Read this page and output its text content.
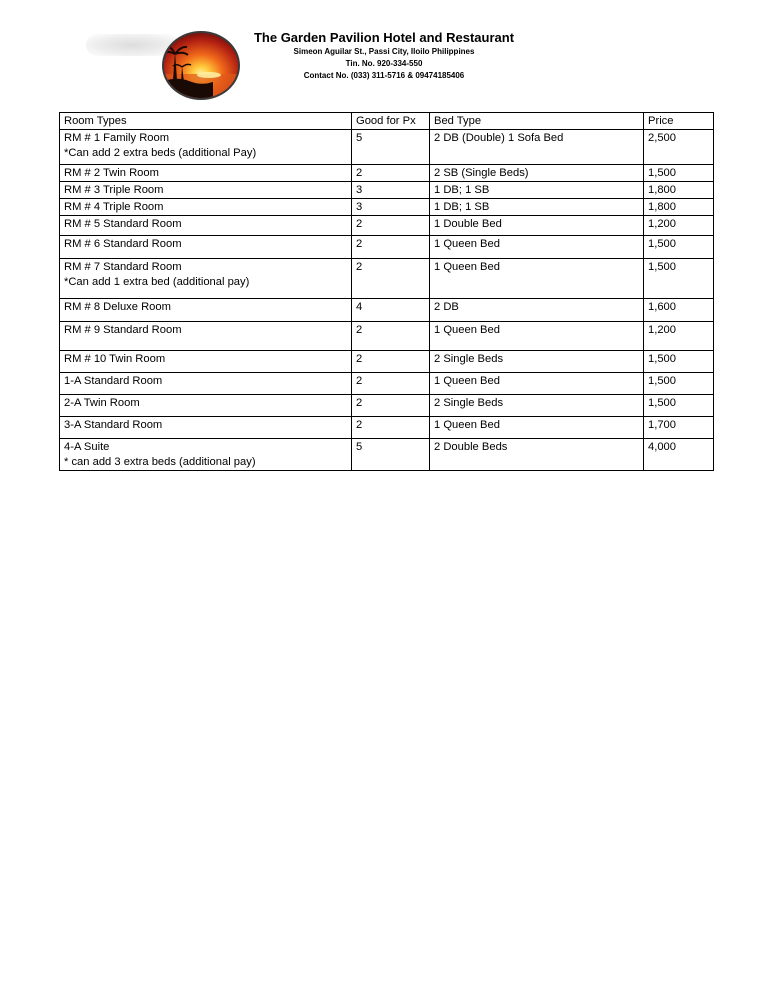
The Garden Pavilion Hotel and Restaurant
Simeon Aguilar St., Passi City, Iloilo Philippines
Tin. No. 920-334-550
Contact No. (033) 311-5716 & 09474185406
Room Types	Good for Px	Bed Type	Price
RM # 1 Family Room
*Can add 2 extra beds (additional Pay)	5	2 DB (Double) 1 Sofa Bed	2,500
RM # 2 Twin Room	2	2 SB (Single Beds)	1,500
RM # 3 Triple Room	3	1 DB; 1 SB	1,800
RM # 4 Triple Room	3	1 DB; 1 SB	1,800
RM # 5 Standard Room	2	1 Double Bed	1,200
RM # 6 Standard Room	2	1 Queen Bed	1,500
RM # 7 Standard Room
*Can add 1 extra bed (additional pay)	2	1 Queen Bed	1,500
RM # 8 Deluxe Room	4	2 DB	1,600
RM # 9 Standard Room	2	1 Queen Bed	1,200
RM # 10 Twin Room	2	2 Single Beds	1,500
1-A Standard Room	2	1 Queen Bed	1,500
2-A Twin Room	2	2 Single Beds	1,500
3-A Standard Room	2	1 Queen Bed	1,700
4-A Suite
* can add 3 extra beds (additional pay)	5	2 Double Beds	4,000
